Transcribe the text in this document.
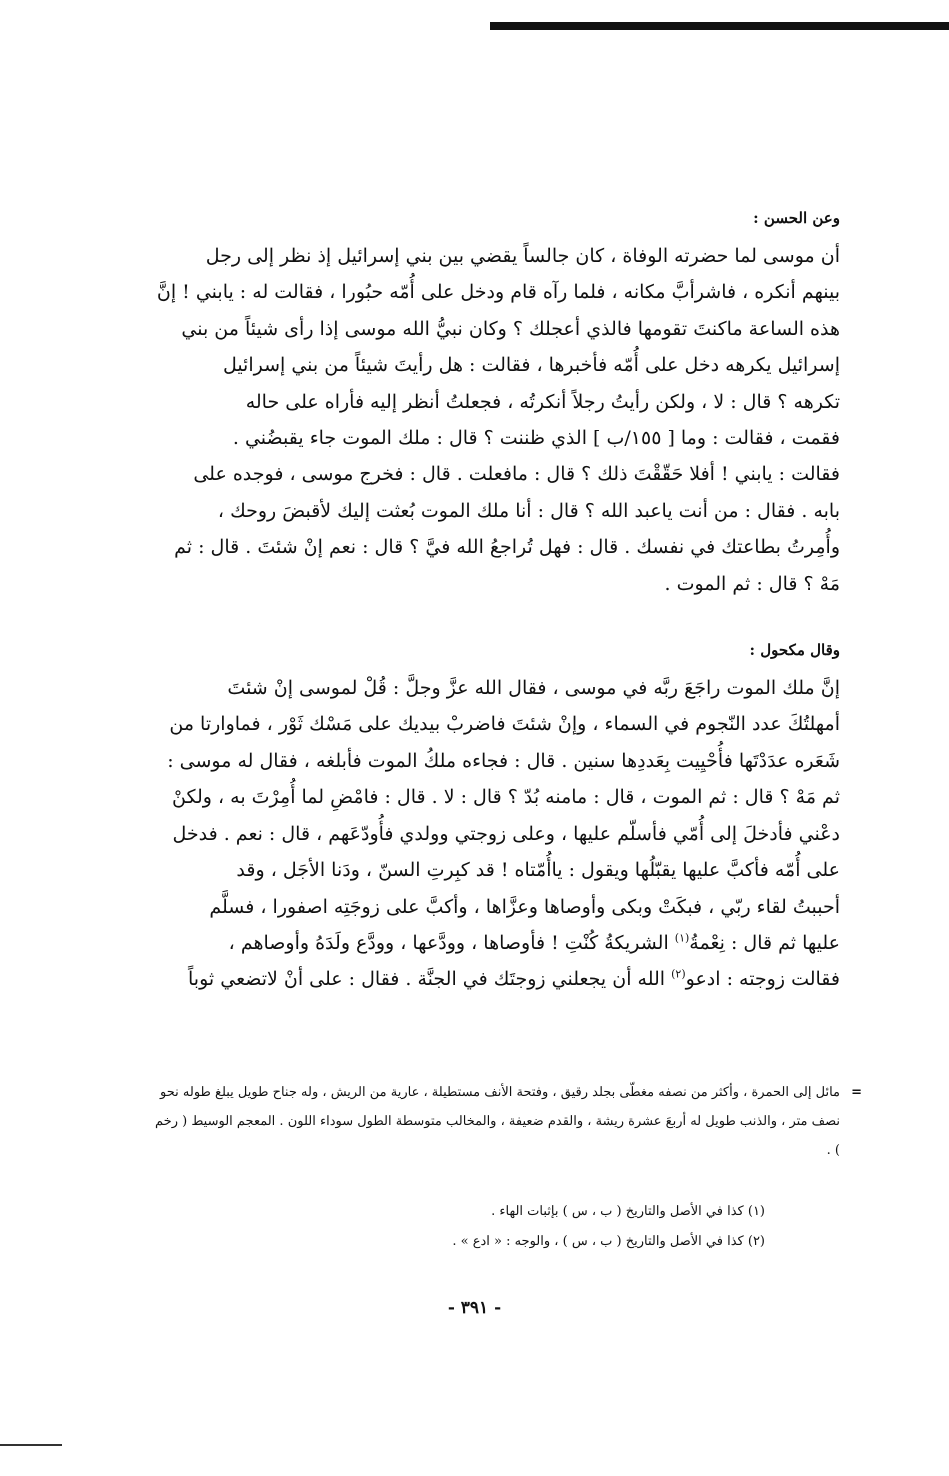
وعن الحسن :

أن موسى لما حضرته الوفاة ، كان جالساً يقضي بين بني إسرائيل إذ نظر إلى رجل

بينهم أنكره ، فاشرأبَّ مكانه ، فلما رآه قام ودخل على أُمّه حبُورا ، فقالت له : يابني ! إنَّ

هذه الساعة ماكنتَ تقومها فالذي أعجلك ؟ وكان نبيُّ الله موسى إذا رأى شيئاً من بني

إسرائيل يكرهه دخل على أُمّه فأخبرها ، فقالت : هل رأيتَ شيئاً من بني إسرائيل

تكرهه ؟ قال : لا ، ولكن رأيتُ رجلاً أنكرتُه ، فجعلتُ أنظر إليه فأراه على حاله

فقمت ، فقالت : وما [ ١٥٥/ب ] الذي ظننت ؟ قال : ملك الموت جاء يقبضُني .

فقالت : يابني ! أفلا حَقّقْتَ ذلك ؟ قال : مافعلت . قال : فخرج موسى ، فوجده على

بابه . فقال : من أنت ياعبد الله ؟ قال : أنا ملك الموت بُعثت إليك لأقبضَ روحك ،

وأُمِرتُ بطاعتك في نفسك . قال : فهل تُراجعُ الله فيَّ ؟ قال : نعم إنْ شئتَ . قال : ثم

مَهْ ؟ قال : ثم الموت .

وقال مكحول :

إنَّ ملك الموت راجَعَ ربَّه في موسى ، فقال الله عزَّ وجلَّ : قُلْ لموسى إنْ شئتَ

أمهلتُكَ عدد النّجوم في السماء ، وإنْ شئتَ فاضربْ بيديك على مَسْك ثَوْر ، فماوارتا من

شَعَره عدَدْتَها فأُحْيِيت بِعَددِها سنين . قال : فجاءه ملكُ الموت فأبلغه ، فقال له موسى :

ثم مَهْ ؟ قال : ثم الموت ، قال : مامنه بُدّ ؟ قال : لا . قال : فامْضِ لما أُمِرْتَ به ، ولكنْ

دعْني فأدخلَ إلى أُمّي فأسلّم عليها ، وعلى زوجتي وولدي فأُودّعَهم ، قال : نعم . فدخل

على أُمّه فأكبَّ عليها يقبّلُها ويقول : ياأُمّتاه ! قد كبِرتِ السنّ ، ودَنا الأجَل ، وقد

أحببتُ لقاء ربّي ، فبكَتْ وبكى وأوصاها وعزَّاها ، وأكبَّ على زوجَتِه اصفورا ، فسلَّم

عليها ثم قال : نِعْمةُ$^{(١)}$ الشريكةُ كُنْتِ ! فأوصاها ، وودَّعها ، وودَّع ولَدَهُ وأوصاهم ،

فقالت زوجته : ادعو$^{(٢)}$ الله أن يجعلني زوجتَك في الجنَّة . فقال : على أنْ لاتضعي ثوباً

=
مائل إلى الحمرة ، وأكثر من نصفه مغطّى بجلد رقيق ، وفتحة الأنف مستطيلة ، عارية من الريش ، وله جناح طويل يبلغ طوله نحو نصف متر ، والذنب طويل له أربعَ عشرة ريشة ، والقدم ضعيفة ، والمخالب متوسطة الطول سوداء اللون . المعجم الوسيط ( رخم ) .
(١) كذا في الأصل والتاريخ ( ب ، س ) بإثبات الهاء .
(٢) كذا في الأصل والتاريخ ( ب ، س ) ، والوجه : « ادع » .
- ٣٩١ -
